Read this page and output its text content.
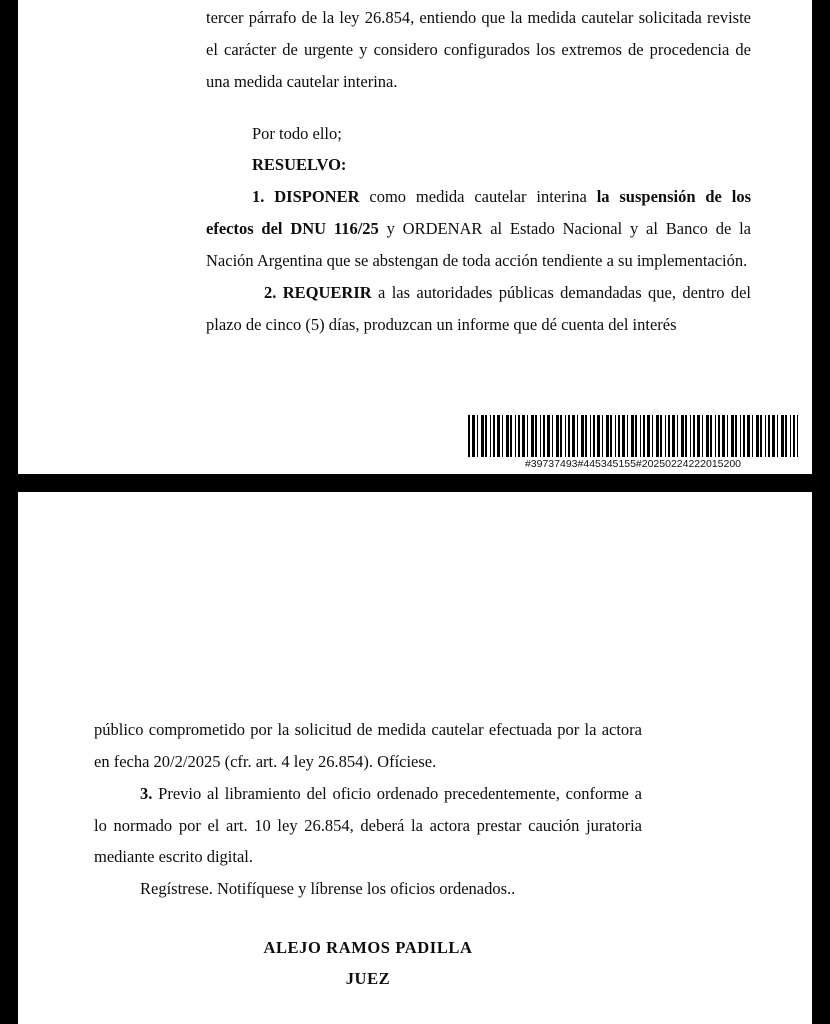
tercer párrafo de la ley 26.854, entiendo que la medida cautelar solicitada reviste el carácter de urgente y considero configurados los extremos de procedencia de una medida cautelar interina.

Por todo ello;

RESUELVO:

1. DISPONER como medida cautelar interina la suspensión de los efectos del DNU 116/25 y ORDENAR al Estado Nacional y al Banco de la Nación Argentina que se abstengan de toda acción tendiente a su implementación.

2. REQUERIR a las autoridades públicas demandadas que, dentro del plazo de cinco (5) días, produzcan un informe que dé cuenta del interés

#39737493#445345155#20250224222015200

público comprometido por la solicitud de medida cautelar efectuada por la actora en fecha 20/2/2025 (cfr. art. 4 ley 26.854). Ofíciese.

3. Previo al libramiento del oficio ordenado precedentemente, conforme a lo normado por el art. 10 ley 26.854, deberá la actora prestar caución juratoria mediante escrito digital.

Regístrese. Notifíquese y líbrense los oficios ordenados..

ALEJO RAMOS PADILLA
JUEZ
